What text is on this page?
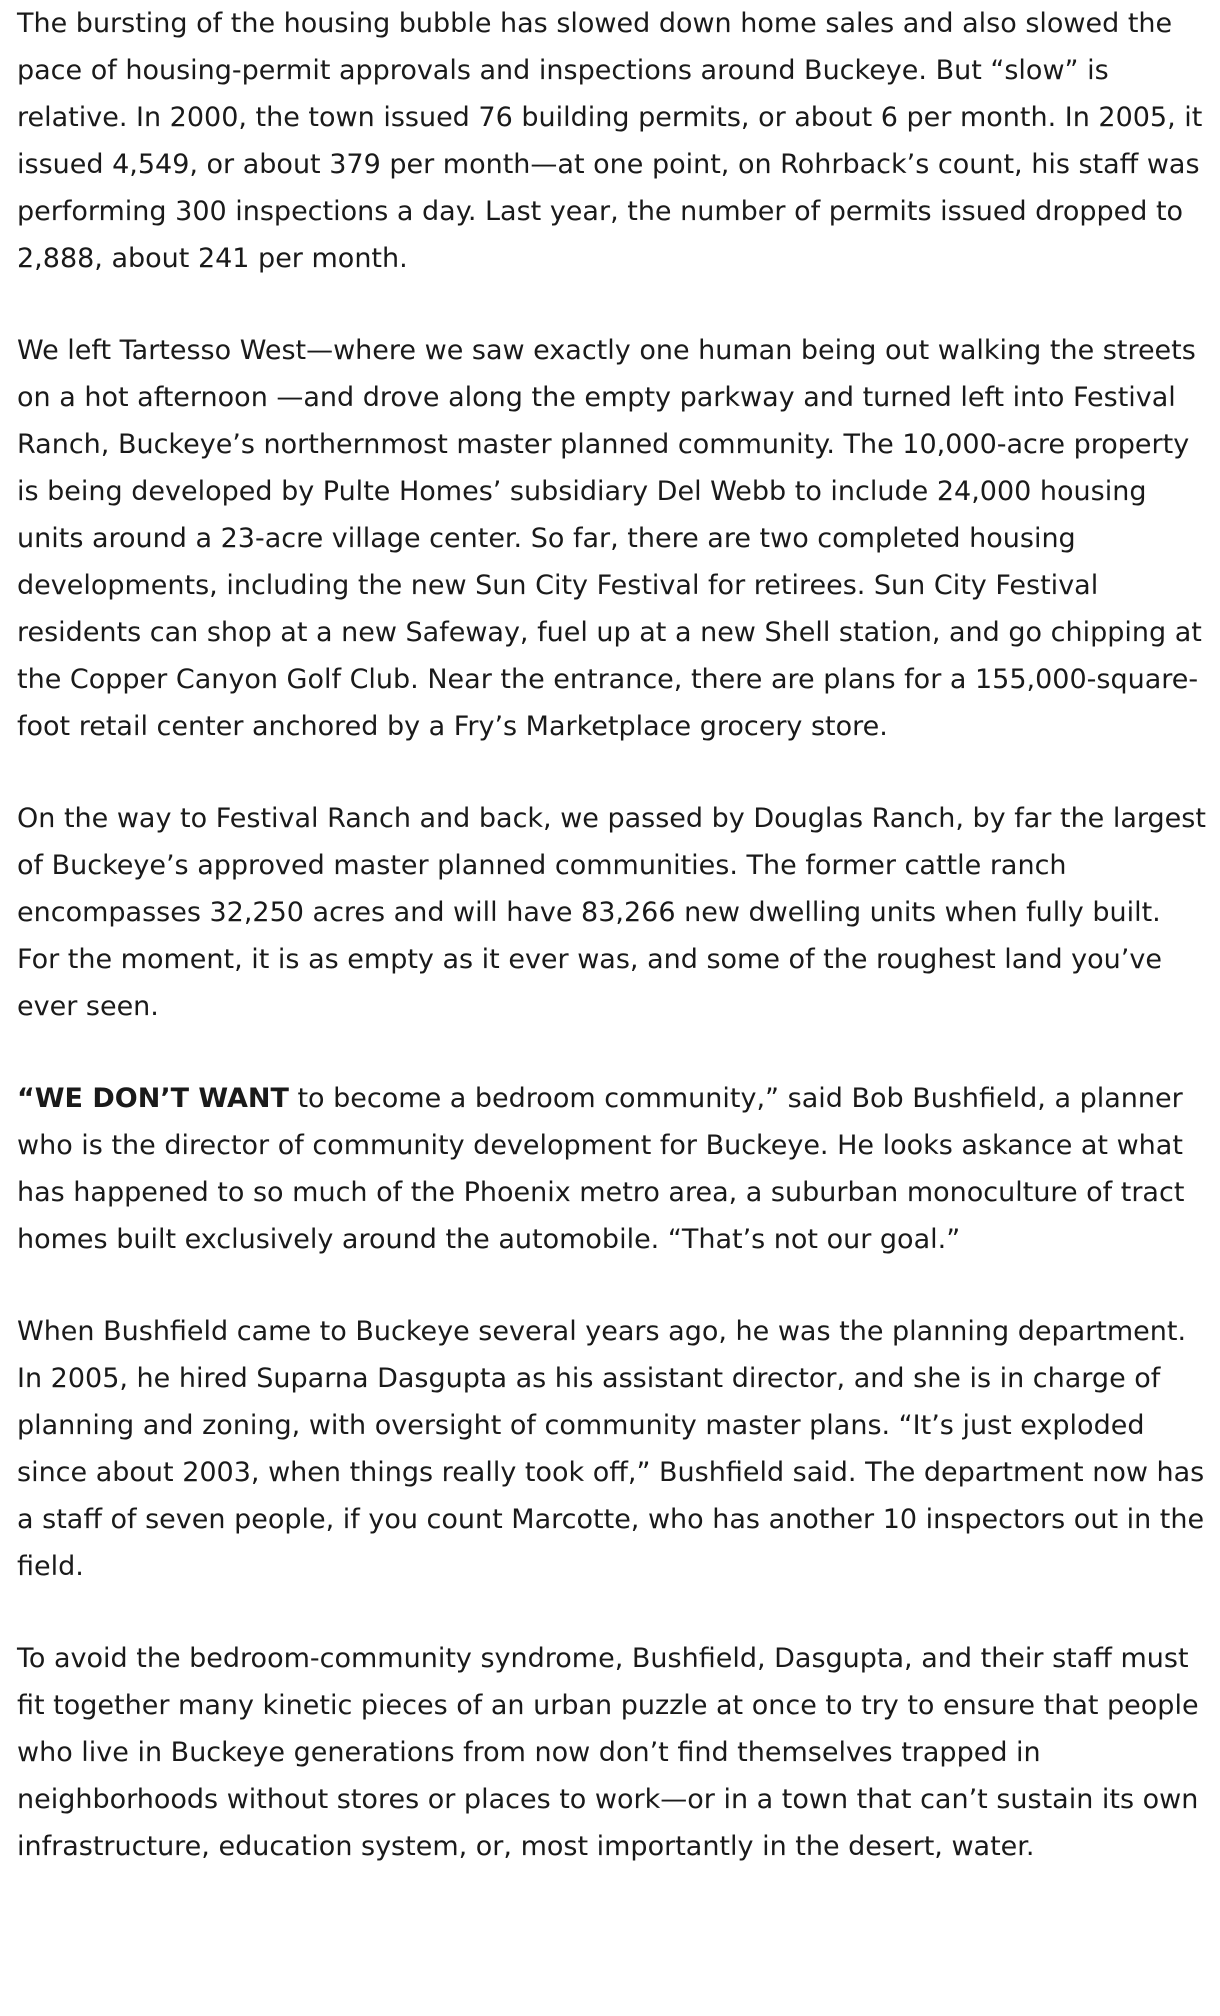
The bursting of the housing bubble has slowed down home sales and also slowed the pace of housing-permit approvals and inspections around Buckeye. But “slow” is relative. In 2000, the town issued 76 building permits, or about 6 per month. In 2005, it issued 4,549, or about 379 per month—at one point, on Rohrback’s count, his staff was performing 300 inspections a day. Last year, the number of permits issued dropped to 2,888, about 241 per month.

We left Tartesso West—where we saw exactly one human being out walking the streets on a hot afternoon —and drove along the empty parkway and turned left into Festival Ranch, Buckeye’s northernmost master planned community. The 10,000-acre property is being developed by Pulte Homes’ subsidiary Del Webb to include 24,000 housing units around a 23-acre village center. So far, there are two completed housing developments, including the new Sun City Festival for retirees. Sun City Festival residents can shop at a new Safeway, fuel up at a new Shell station, and go chipping at the Copper Canyon Golf Club. Near the entrance, there are plans for a 155,000-square-foot retail center anchored by a Fry’s Marketplace grocery store.

On the way to Festival Ranch and back, we passed by Douglas Ranch, by far the largest of Buckeye’s approved master planned communities. The former cattle ranch encompasses 32,250 acres and will have 83,266 new dwelling units when fully built. For the moment, it is as empty as it ever was, and some of the roughest land you’ve ever seen.

“WE DON’T WANT to become a bedroom community,” said Bob Bushfield, a planner who is the director of community development for Buckeye. He looks askance at what has happened to so much of the Phoenix metro area, a suburban monoculture of tract homes built exclusively around the automobile. “That’s not our goal.”

When Bushfield came to Buckeye several years ago, he was the planning department. In 2005, he hired Suparna Dasgupta as his assistant director, and she is in charge of planning and zoning, with oversight of community master plans. “It’s just exploded since about 2003, when things really took off,” Bushfield said. The department now has a staff of seven people, if you count Marcotte, who has another 10 inspectors out in the field.

To avoid the bedroom-community syndrome, Bushfield, Dasgupta, and their staff must fit together many kinetic pieces of an urban puzzle at once to try to ensure that people who live in Buckeye generations from now don’t find themselves trapped in neighborhoods without stores or places to work—or in a town that can’t sustain its own infrastructure, education system, or, most importantly in the desert, water.
